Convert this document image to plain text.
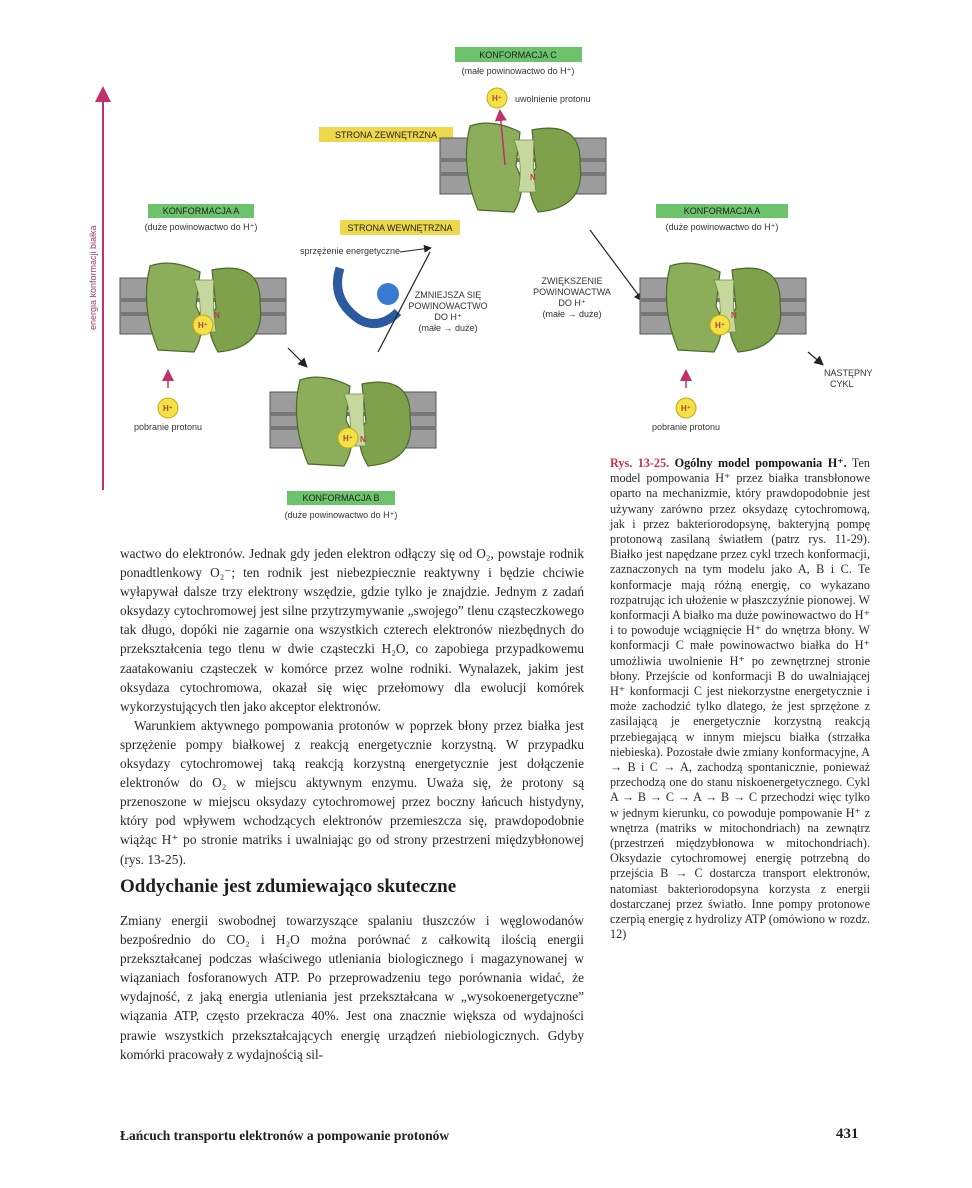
energia konformacji białka
KONFORMACJA C
(małe powinowactwo do H⁺)
H⁺ uwolnienie protonu
STRONA ZEWNĘTRZNA
STRONA WEWNĘTRZNA
N
sprzężenie energetyczne
ZMNIEJSZA SIĘ
POWINOWACTWO
DO H⁺
(małe → duże)
ZWIĘKSZENIE
POWINOWACTWA
DO H⁺
(małe → duże)
KONFORMACJA A
(duże powinowactwo do H⁺)
H⁺
N
H⁺
pobranie protonu
KONFORMACJA A
(duże powinowactwo do H⁺)
H⁺
N
H⁺
pobranie protonu
NASTĘPNY
CYKL
H⁺ N
KONFORMACJA B
(duże powinowactwo do H⁺)

Rys. 13-25. Ogólny model pompowania H⁺. Ten model pompowania H⁺ przez białka transbłonowe oparto na mechanizmie, który prawdopodobnie jest używany zarówno przez oksydazę cytochromową, jak i przez bakteriorodopsynę, bakteryjną pompę protonową zasilaną światłem (patrz rys. 11-29). Białko jest napędzane przez cykl trzech konformacji, zaznaczonych na tym modelu jako A, B i C. Te konformacje mają różną energię, co wykazano rozpatrując ich ułożenie w płaszczyźnie pionowej. W konformacji A białko ma duże powinowactwo do H⁺ i to powoduje wciągnięcie H⁺ do wnętrza błony. W konformacji C małe powinowactwo białka do H⁺ umożliwia uwolnienie H⁺ po zewnętrznej stronie błony. Przejście od konformacji B do uwalniającej H⁺ konformacji C jest niekorzystne energetycznie i może zachodzić tylko dlatego, że jest sprzężone z zasilającą je energetycznie korzystną reakcją przebiegającą w innym miejscu białka (strzałka niebieska). Pozostałe dwie zmiany konformacyjne, A → B i C → A, zachodzą spontanicznie, ponieważ przechodzą one do stanu niskoenergetycznego. Cykl A → B → C → A → B → C przechodzi więc tylko w jednym kierunku, co powoduje pompowanie H⁺ z wnętrza (matriks w mitochondriach) na zewnątrz (przestrzeń międzybłonowa w mitochondriach). Oksydazie cytochromowej energię potrzebną do przejścia B → C dostarcza transport elektronów, natomiast bakteriorodopsyna korzysta z energii dostarczanej przez światło. Inne pompy protonowe czerpią energię z hydrolizy ATP (omówiono w rozdz. 12)

wactwo do elektronów. Jednak gdy jeden elektron odłączy się od O₂, powstaje rodnik ponadtlenkowy O₂⁻; ten rodnik jest niebezpiecznie reaktywny i będzie chciwie wyłapywał dalsze trzy elektrony wszędzie, gdzie tylko je znajdzie. Jednym z zadań oksydazy cytochromowej jest silne przytrzymywanie „swojego” tlenu cząsteczkowego tak długo, dopóki nie zagarnie ona wszystkich czterech elektronów niezbędnych do przekształcenia tego tlenu w dwie cząsteczki H₂O, co zapobiega przypadkowemu zaatakowaniu cząsteczek w komórce przez wolne rodniki. Wynalazek, jakim jest oksydaza cytochromowa, okazał się więc przełomowy dla ewolucji komórek wykorzystujących tlen jako akceptor elektronów.

Warunkiem aktywnego pompowania protonów w poprzek błony przez białka jest sprzężenie pompy białkowej z reakcją energetycznie korzystną. W przypadku oksydazy cytochromowej taką reakcją korzystną energetycznie jest dołączenie elektronów do O₂ w miejscu aktywnym enzymu. Uważa się, że protony są przenoszone w miejscu oksydazy cytochromowej przez boczny łańcuch histydyny, który pod wpływem wchodzących elektronów przemieszcza się, prawdopodobnie wiążąc H⁺ po stronie matriks i uwalniając go od strony przestrzeni międzybłonowej (rys. 13-25).

Oddychanie jest zdumiewająco skuteczne

Zmiany energii swobodnej towarzyszące spalaniu tłuszczów i węglowodanów bezpośrednio do CO₂ i H₂O można porównać z całkowitą ilością energii przekształcanej podczas właściwego utleniania biologicznego i magazynowanej w wiązaniach fosforanowych ATP. Po przeprowadzeniu tego porównania widać, że wydajność, z jaką energia utleniania jest przekształcana w „wysokoenergetyczne” wiązania ATP, często przekracza 40%. Jest ona znacznie większa od wydajności prawie wszystkich przekształcających energię urządzeń niebiologicznych. Gdyby komórki pracowały z wydajnością sil-

Łańcuch transportu elektronów a pompowanie protonów	431
